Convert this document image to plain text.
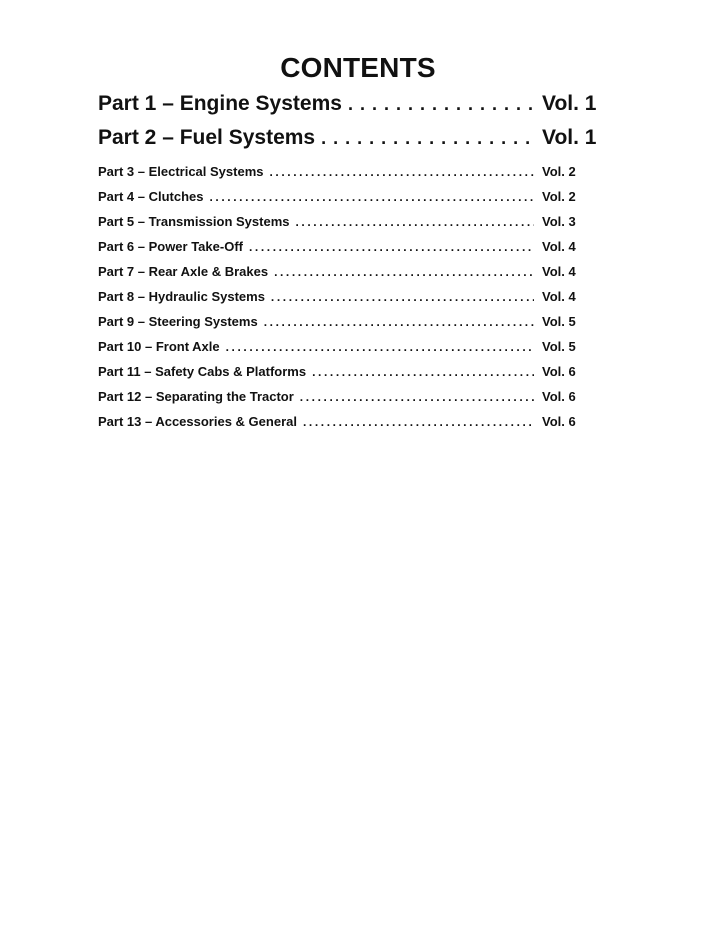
CONTENTS
Part 1 – Engine Systems . . .	Vol. 1
Part 2 – Fuel Systems . . .	Vol. 1
Part 3 – Electrical Systems .....	Vol. 2
Part 4 – Clutches .....	Vol. 2
Part 5 – Transmission Systems .....	Vol. 3
Part 6 – Power Take-Off .....	Vol. 4
Part 7 – Rear Axle & Brakes .....	Vol. 4
Part 8 – Hydraulic Systems .....	Vol. 4
Part 9 – Steering Systems .....	Vol. 5
Part 10 – Front Axle .....	Vol. 5
Part 11 – Safety Cabs & Platforms .....	Vol. 6
Part 12 – Separating the Tractor .....	Vol. 6
Part 13 – Accessories & General .....	Vol. 6
